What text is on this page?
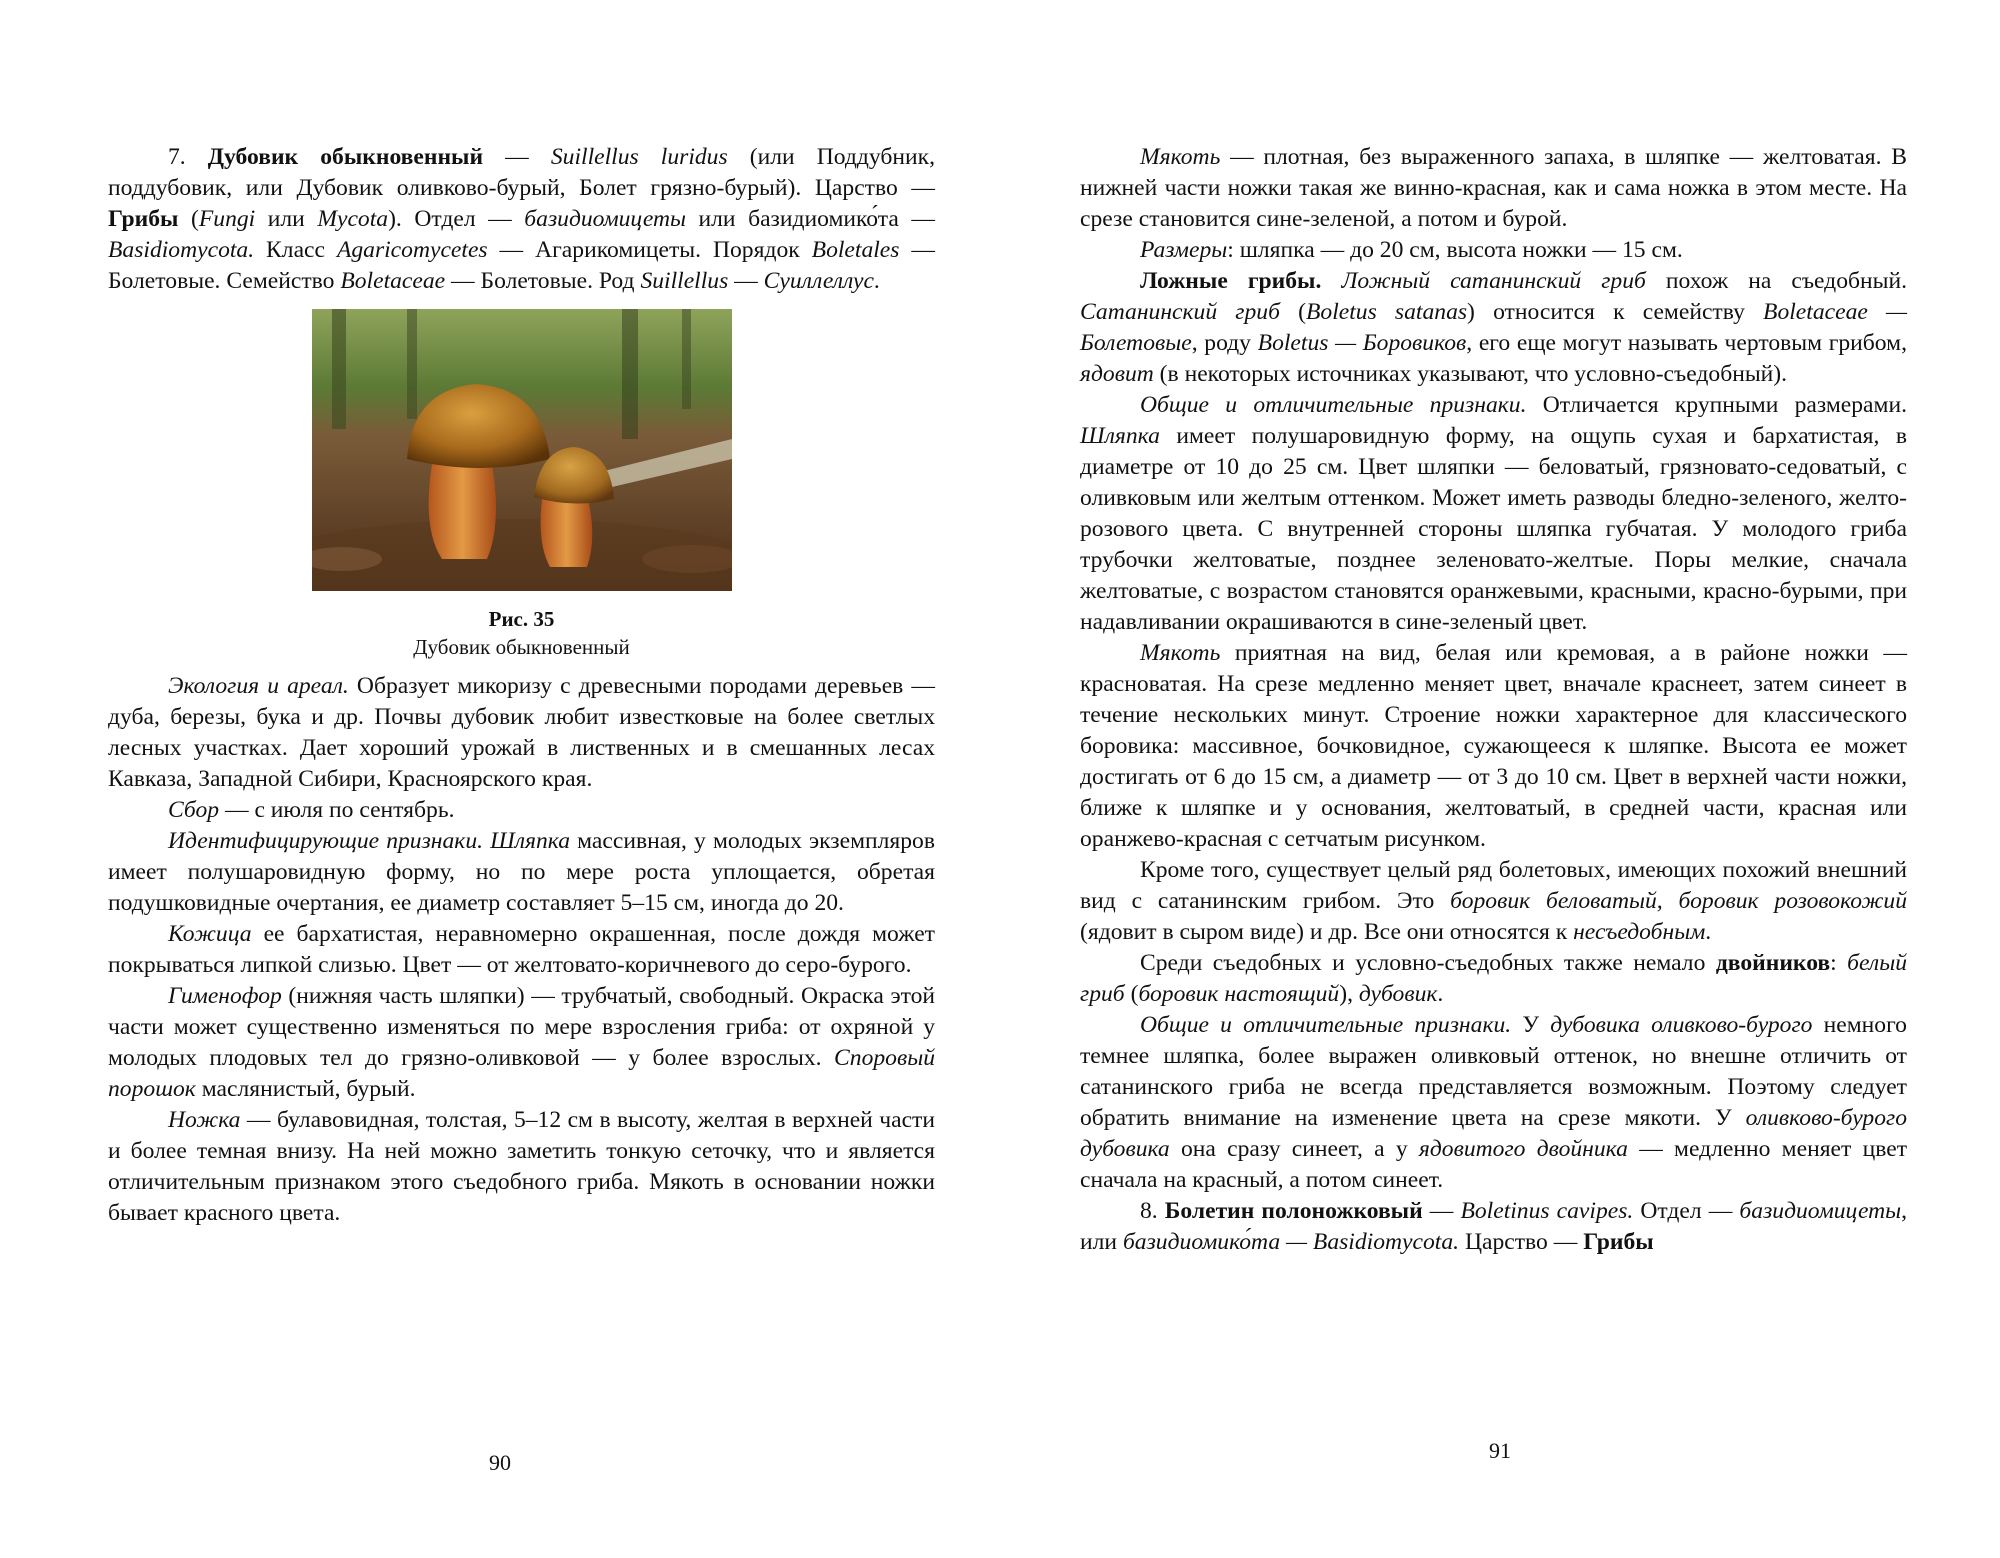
7. Дубовик обыкновенный — Suillellus luridus (или Поддубник, поддубовик, или Дубовик оливково-бурый, Болет грязно-бурый). Царство — Грибы (Fungi или Mycota). Отдел — базидиомицеты или базидиомико́та — Basidiomycota. Класс Agaricomycetes — Агарикомицеты. Порядок Boletales — Болетовые. Семейство Boletaceae — Болетовые. Род Suillellus — Суиллеллус.

Рис. 35
Дубовик обыкновенный

Экология и ареал. Образует микоризу с древесными породами деревьев — дуба, березы, бука и др. Почвы дубовик любит известковые на более светлых лесных участках. Дает хороший урожай в лиственных и в смешанных лесах Кавказа, Западной Сибири, Красноярского края.

Сбор — с июля по сентябрь.

Идентифицирующие признаки. Шляпка массивная, у молодых экземпляров имеет полушаровидную форму, но по мере роста уплощается, обретая подушковидные очертания, ее диаметр составляет 5–15 см, иногда до 20.

Кожица ее бархатистая, неравномерно окрашенная, после дождя может покрываться липкой слизью. Цвет — от желтовато-коричневого до серо-бурого.

Гименофор (нижняя часть шляпки) — трубчатый, свободный. Окраска этой части может существенно изменяться по мере взросления гриба: от охряной у молодых плодовых тел до грязно-оливковой — у более взрослых. Споровый порошок маслянистый, бурый.

Ножка — булавовидная, толстая, 5–12 см в высоту, желтая в верхней части и более темная внизу. На ней можно заметить тонкую сеточку, что и является отличительным признаком этого съедобного гриба. Мякоть в основании ножки бывает красного цвета.

90

Мякоть — плотная, без выраженного запаха, в шляпке — желтоватая. В нижней части ножки такая же винно-красная, как и сама ножка в этом месте. На срезе становится сине-зеленой, а потом и бурой.

Размеры: шляпка — до 20 см, высота ножки — 15 см.

Ложные грибы. Ложный сатанинский гриб похож на съедобный. Сатанинский гриб (Boletus satanas) относится к семейству Boletaceae — Болетовые, роду Boletus — Боровиков, его еще могут называть чертовым грибом, ядовит (в некоторых источниках указывают, что условно-съедобный).

Общие и отличительные признаки. Отличается крупными размерами. Шляпка имеет полушаровидную форму, на ощупь сухая и бархатистая, в диаметре от 10 до 25 см. Цвет шляпки — беловатый, грязновато-седоватый, с оливковым или желтым оттенком. Может иметь разводы бледно-зеленого, желто-розового цвета. С внутренней стороны шляпка губчатая. У молодого гриба трубочки желтоватые, позднее зеленовато-желтые. Поры мелкие, сначала желтоватые, с возрастом становятся оранжевыми, красными, красно-бурыми, при надавливании окрашиваются в сине-зеленый цвет.

Мякоть приятная на вид, белая или кремовая, а в районе ножки — красноватая. На срезе медленно меняет цвет, вначале краснеет, затем синеет в течение нескольких минут. Строение ножки характерное для классического боровика: массивное, бочковидное, сужающееся к шляпке. Высота ее может достигать от 6 до 15 см, а диаметр — от 3 до 10 см. Цвет в верхней части ножки, ближе к шляпке и у основания, желтоватый, в средней части, красная или оранжево-красная с сетчатым рисунком.

Кроме того, существует целый ряд болетовых, имеющих похожий внешний вид с сатанинским грибом. Это боровик беловатый, боровик розовокожий (ядовит в сыром виде) и др. Все они относятся к несъедобным.

Среди съедобных и условно-съедобных также немало двойников: белый гриб (боровик настоящий), дубовик.

Общие и отличительные признаки. У дубовика оливково-бурого немного темнее шляпка, более выражен оливковый оттенок, но внешне отличить от сатанинского гриба не всегда представляется возможным. Поэтому следует обратить внимание на изменение цвета на срезе мякоти. У оливково-бурого дубовика она сразу синеет, а у ядовитого двойника — медленно меняет цвет сначала на красный, а потом синеет.

8. Болетин полоножковый — Boletinus cavipes. Отдел — базидиомицеты, или базидиомико́та — Basidiomycota. Царство — Грибы

91
